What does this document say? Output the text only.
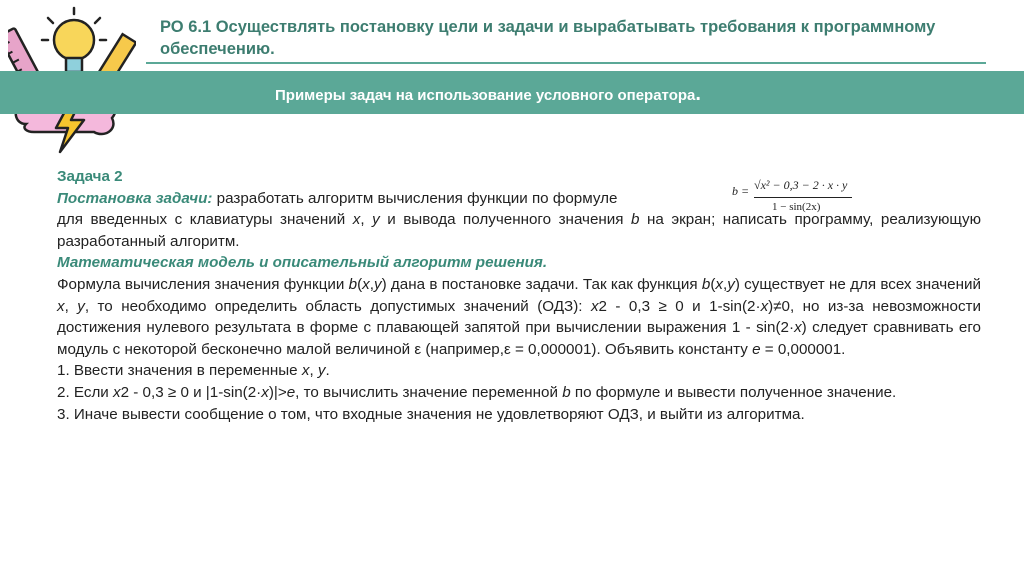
РО 6.1 Осуществлять постановку цели и задачи и вырабатывать требования к программному обеспечению.
Примеры задач на использование условного оператора.
b = √x² − 0,3 − 2 · x · y
1 − sin(2x)

Задача 2

Постановка задачи: разработать алгоритм вычисления функции по формуле
для введенных с клавиатуры значений x, y и вывода полученного значения b на экран; написать программу, реализующую разработанный алгоритм.

Математическая модель и описательный алгоритм решения.

Формула вычисления значения функции b(x,y) дана в постановке задачи. Так как функция b(x,y) существует не для всех значений x, y, то необходимо определить область допустимых значений (ОДЗ): x2 - 0,3 ≥ 0 и 1-sin(2·x)≠0, но из-за невозможности достижения нулевого результата в форме с плавающей запятой при вычислении выражения 1 - sin(2·x) следует сравнивать его модуль с некоторой бесконечно малой величиной ε (например,ε = 0,000001). Объявить константу e = 0,000001.

1. Ввести значения в переменные x, y.

2. Если x2 - 0,3 ≥ 0 и |1-sin(2·x)|>e, то вычислить значение переменной b по формуле и вывести полученное значение.

3. Иначе вывести сообщение о том, что входные значения не удовлетворяют ОДЗ, и выйти из алгоритма.
